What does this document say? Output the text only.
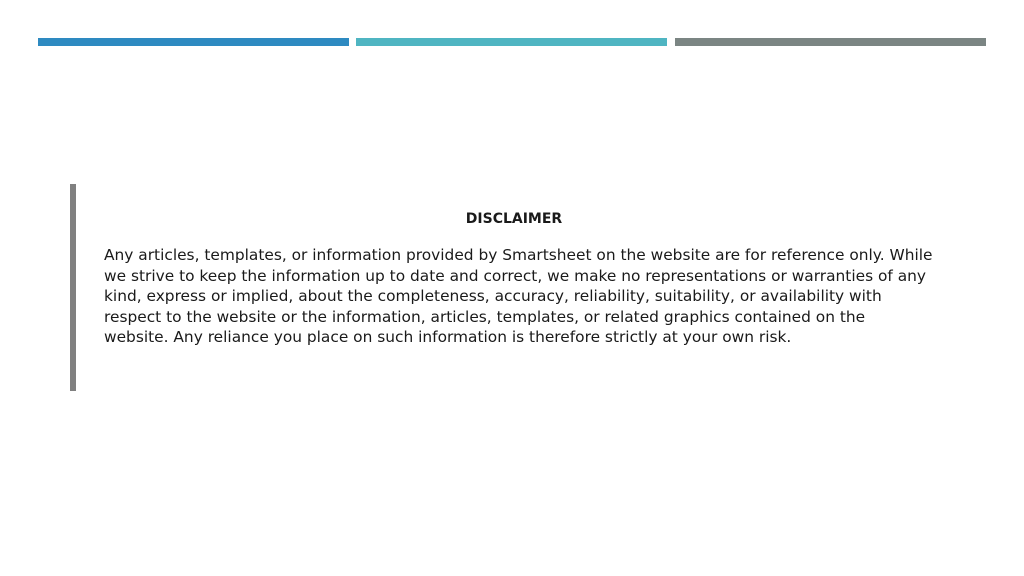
DISCLAIMER

Any articles, templates, or information provided by Smartsheet on the website are for reference only. While we strive to keep the information up to date and correct, we make no representations or warranties of any kind, express or implied, about the completeness, accuracy, reliability, suitability, or availability with respect to the website or the information, articles, templates, or related graphics contained on the website. Any reliance you place on such information is therefore strictly at your own risk.
